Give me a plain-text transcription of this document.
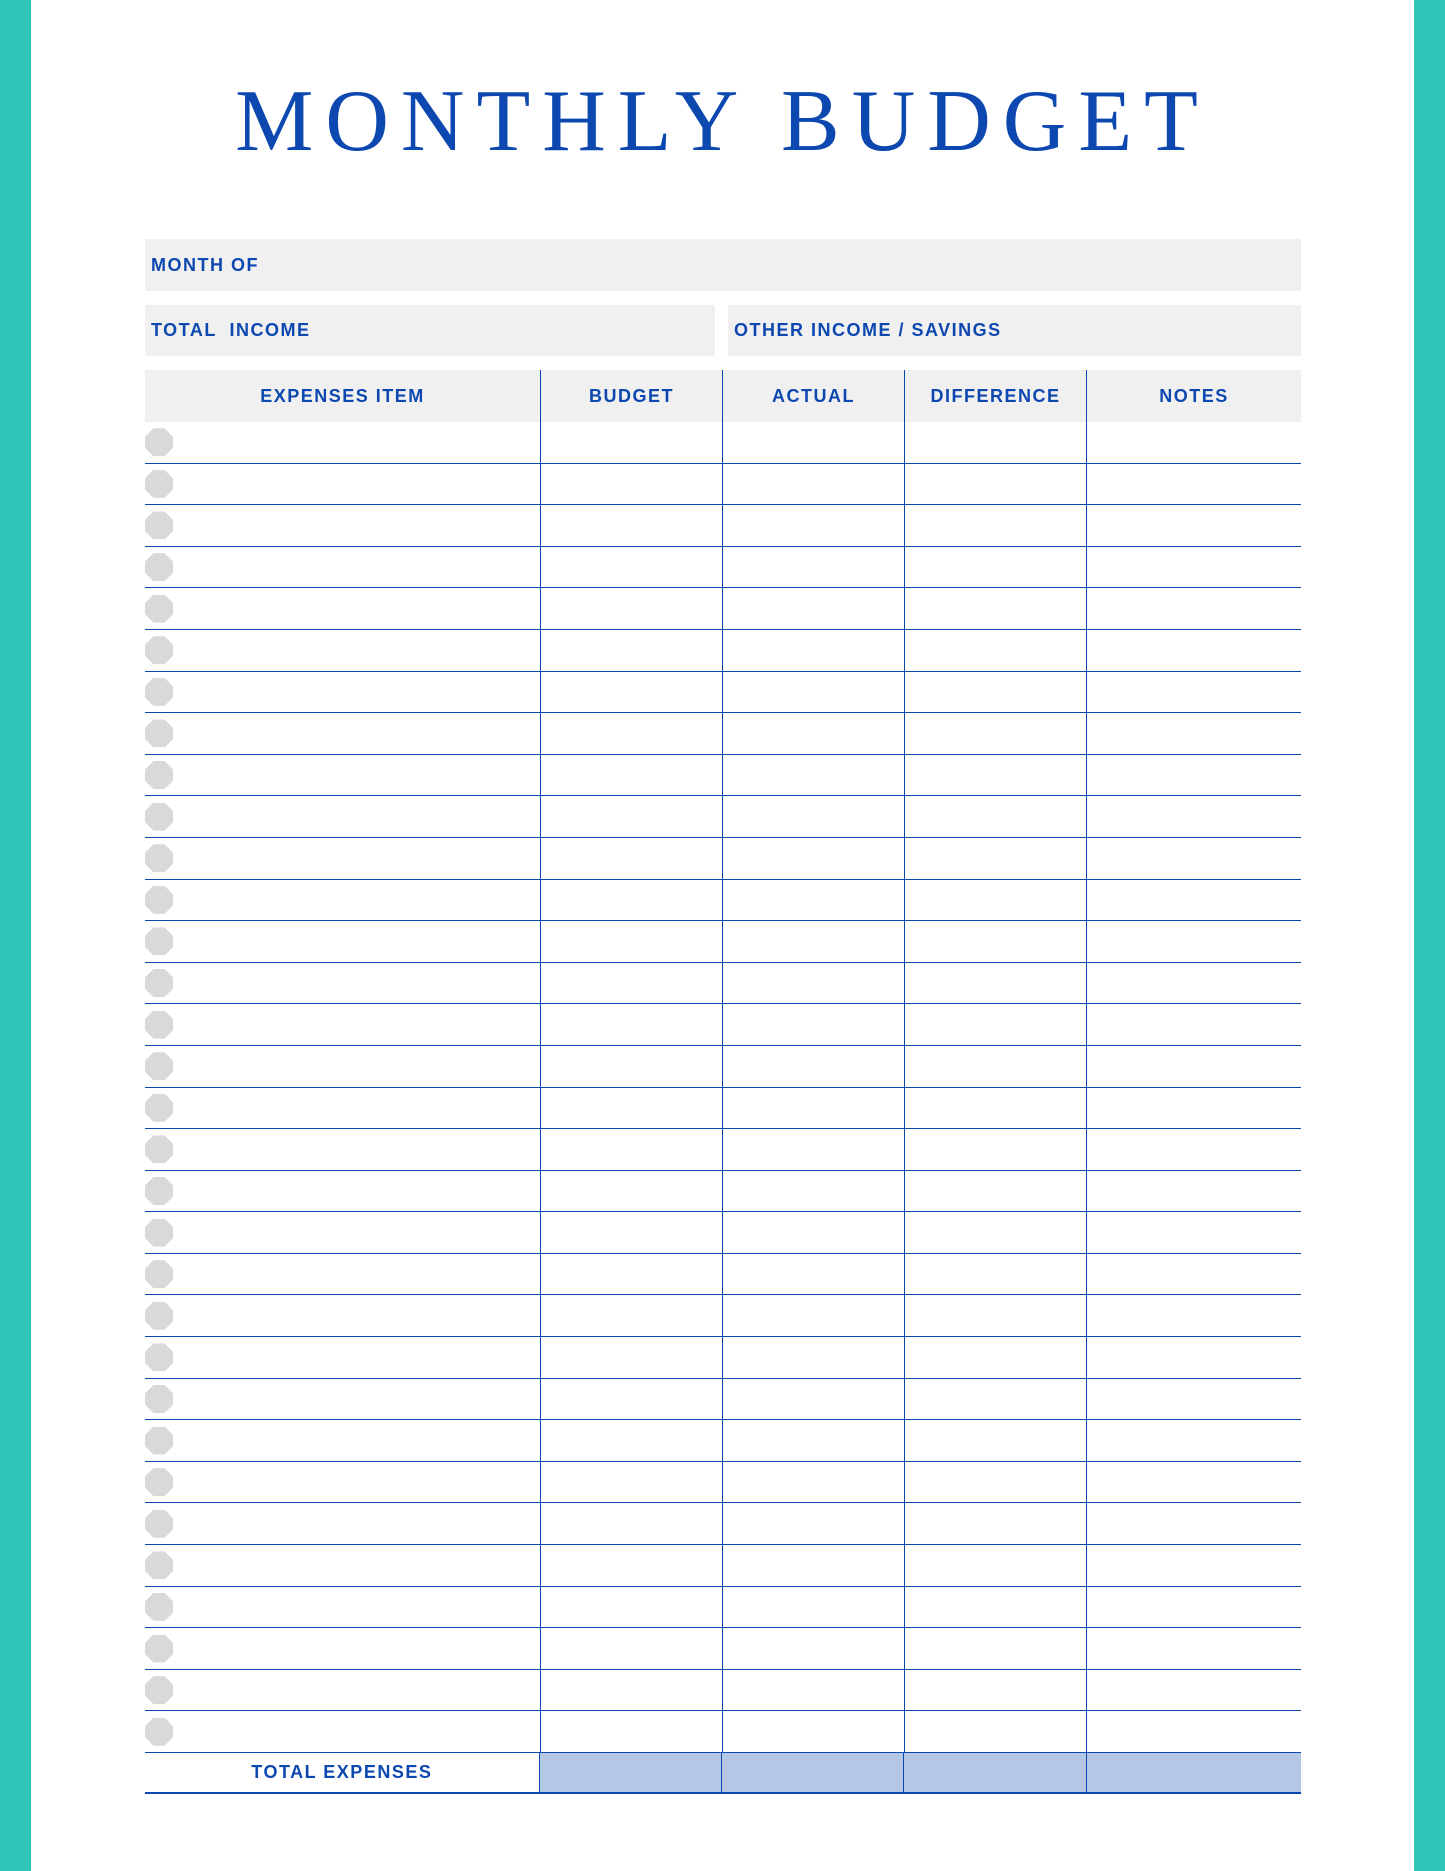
MONTHLY BUDGET
MONTH OF
TOTAL  INCOME	OTHER INCOME / SAVINGS
EXPENSES ITEM	BUDGET	ACTUAL	DIFFERENCE	NOTES
TOTAL EXPENSES
